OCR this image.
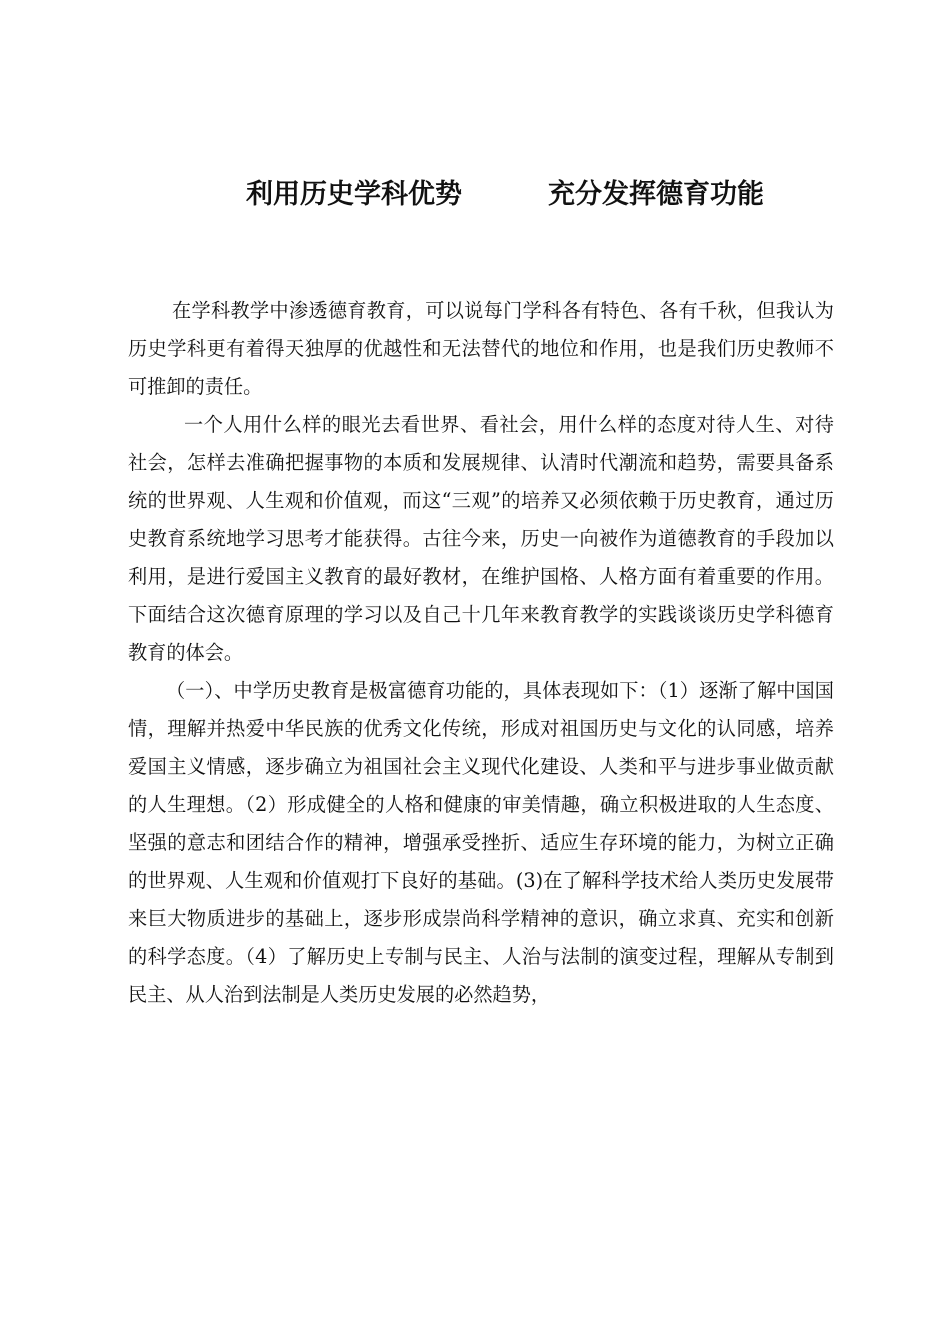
利用历史学科优势	充分发挥德育功能

在学科教学中渗透德育教育，可以说每门学科各有特色、各有千秋，但我认为历史学科更有着得天独厚的优越性和无法替代的地位和作用，也是我们历史教师不可推卸的责任。

一个人用什么样的眼光去看世界、看社会，用什么样的态度对待人生、对待社会，怎样去准确把握事物的本质和发展规律、认清时代潮流和趋势，需要具备系统的世界观、人生观和价值观，而这“三观”的培养又必须依赖于历史教育，通过历史教育系统地学习思考才能获得。古往今来，历史一向被作为道德教育的手段加以利用，是进行爱国主义教育的最好教材，在维护国格、人格方面有着重要的作用。下面结合这次德育原理的学习以及自己十几年来教育教学的实践谈谈历史学科德育教育的体会。

（一）、中学历史教育是极富德育功能的，具体表现如下：（1）逐渐了解中国国情，理解并热爱中华民族的优秀文化传统，形成对祖国历史与文化的认同感，培养爱国主义情感，逐步确立为祖国社会主义现代化建设、人类和平与进步事业做贡献的人生理想。（2）形成健全的人格和健康的审美情趣，确立积极进取的人生态度、坚强的意志和团结合作的精神，增强承受挫折、适应生存环境的能力，为树立正确的世界观、人生观和价值观打下良好的基础。(3)在了解科学技术给人类历史发展带来巨大物质进步的基础上，逐步形成崇尚科学精神的意识，确立求真、充实和创新的科学态度。（4）了解历史上专制与民主、人治与法制的演变过程，理解从专制到民主、从人治到法制是人类历史发展的必然趋势，
